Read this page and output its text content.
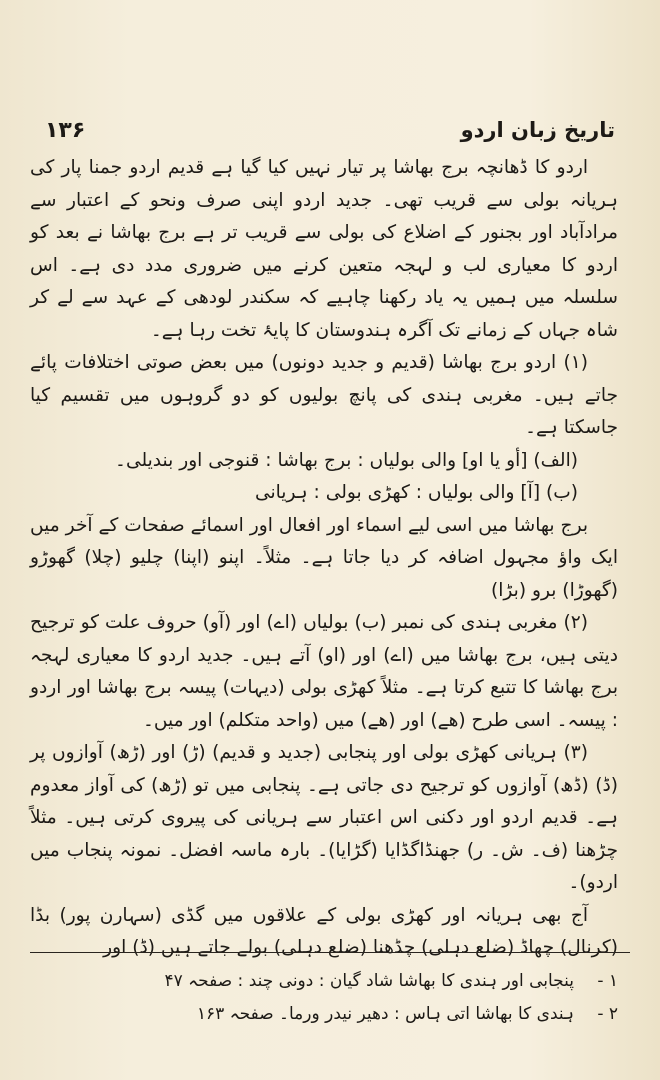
۱۳۶	تاریخ زبان اردو

اردو کا ڈھانچہ برج بھاشا پر تیار نہیں کیا گیا ہے قدیم اردو جمنا پار کی ہریانہ بولی سے قریب تھی۔ جدید اردو اپنی صرف ونحو کے اعتبار سے مرادآباد اور بجنور کے اضلاع کی بولی سے قریب تر ہے برج بھاشا نے بعد کو اردو کا معیاری لب و لہجہ متعین کرنے میں ضروری مدد دی ہے۔ اس سلسلہ میں ہمیں یہ یاد رکھنا چاہیے کہ سکندر لودھی کے عہد سے لے کر شاہ جہاں کے زمانے تک آگرہ ہندوستان کا پایۂ تخت رہا ہے۔

(۱) اردو برج بھاشا (قدیم و جدید دونوں) میں بعض صوتی اختلافات پائے جاتے ہیں۔ مغربی ہندی کی پانچ بولیوں کو دو گروہوں میں تقسیم کیا جاسکتا ہے۔

(الف) [أو یا او] والی بولیاں : برج بھاشا : قنوجی اور بندیلی۔

(ب) [آ] والی بولیاں : کھڑی بولی : ہریانی

برج بھاشا میں اسی لیے اسماء اور افعال اور اسمائے صفحات کے آخر میں ایک واؤ مجہول اضافہ کر دیا جاتا ہے۔ مثلاً۔ اپنو (اپنا) چلیو (چلا) گھوڑو (گھوڑا) برو (بڑا)

(۲) مغربی ہندی کی نمبر (ب) بولیاں (اے) اور (آو) حروف علت کو ترجیح دیتی ہیں، برج بھاشا میں (اے) اور (او) آتے ہیں۔ جدید اردو کا معیاری لہجہ برج بھاشا کا تتبع کرتا ہے۔ مثلاً کھڑی بولی (دیہات) پیسہ برج بھاشا اور اردو : پیسہ۔ اسی طرح (ھے) اور (ھے) میں (واحد متکلم) اور میں۔

(۳) ہریانی کھڑی بولی اور پنجابی (جدید و قدیم) (ڑ) اور (ڑھ) آوازوں پر (ڈ) (ڈھ) آوازوں کو ترجیح دی جاتی ہے۔ پنجابی میں تو (ڑھ) کی آواز معدوم ہے۔ قدیم اردو اور دکنی اس اعتبار سے ہریانی کی پیروی کرتی ہیں۔ مثلاً چڑھنا (ف۔ ش۔ ر) جھنڈاگڈایا (گڑایا)۔ بارہ ماسہ افضل۔ نمونہ پنجاب میں اردو)۔

آج بھی ہریانہ اور کھڑی بولی کے علاقوں میں گڈی (سہارن پور) بڈا (کرنال) چھاڈ (ضلع دہلی) چڈھنا (ضلع دہلی) بولے جاتے ہیں (ڈ) اور

۱ -
پنجابی اور ہندی کا بھاشا شاد گیان : دونی چند : صفحہ ۴۷
۲ -
ہندی کا بھاشا اتی ہاس : دھیر نیدر ورما۔ صفحہ ۱۶۳
